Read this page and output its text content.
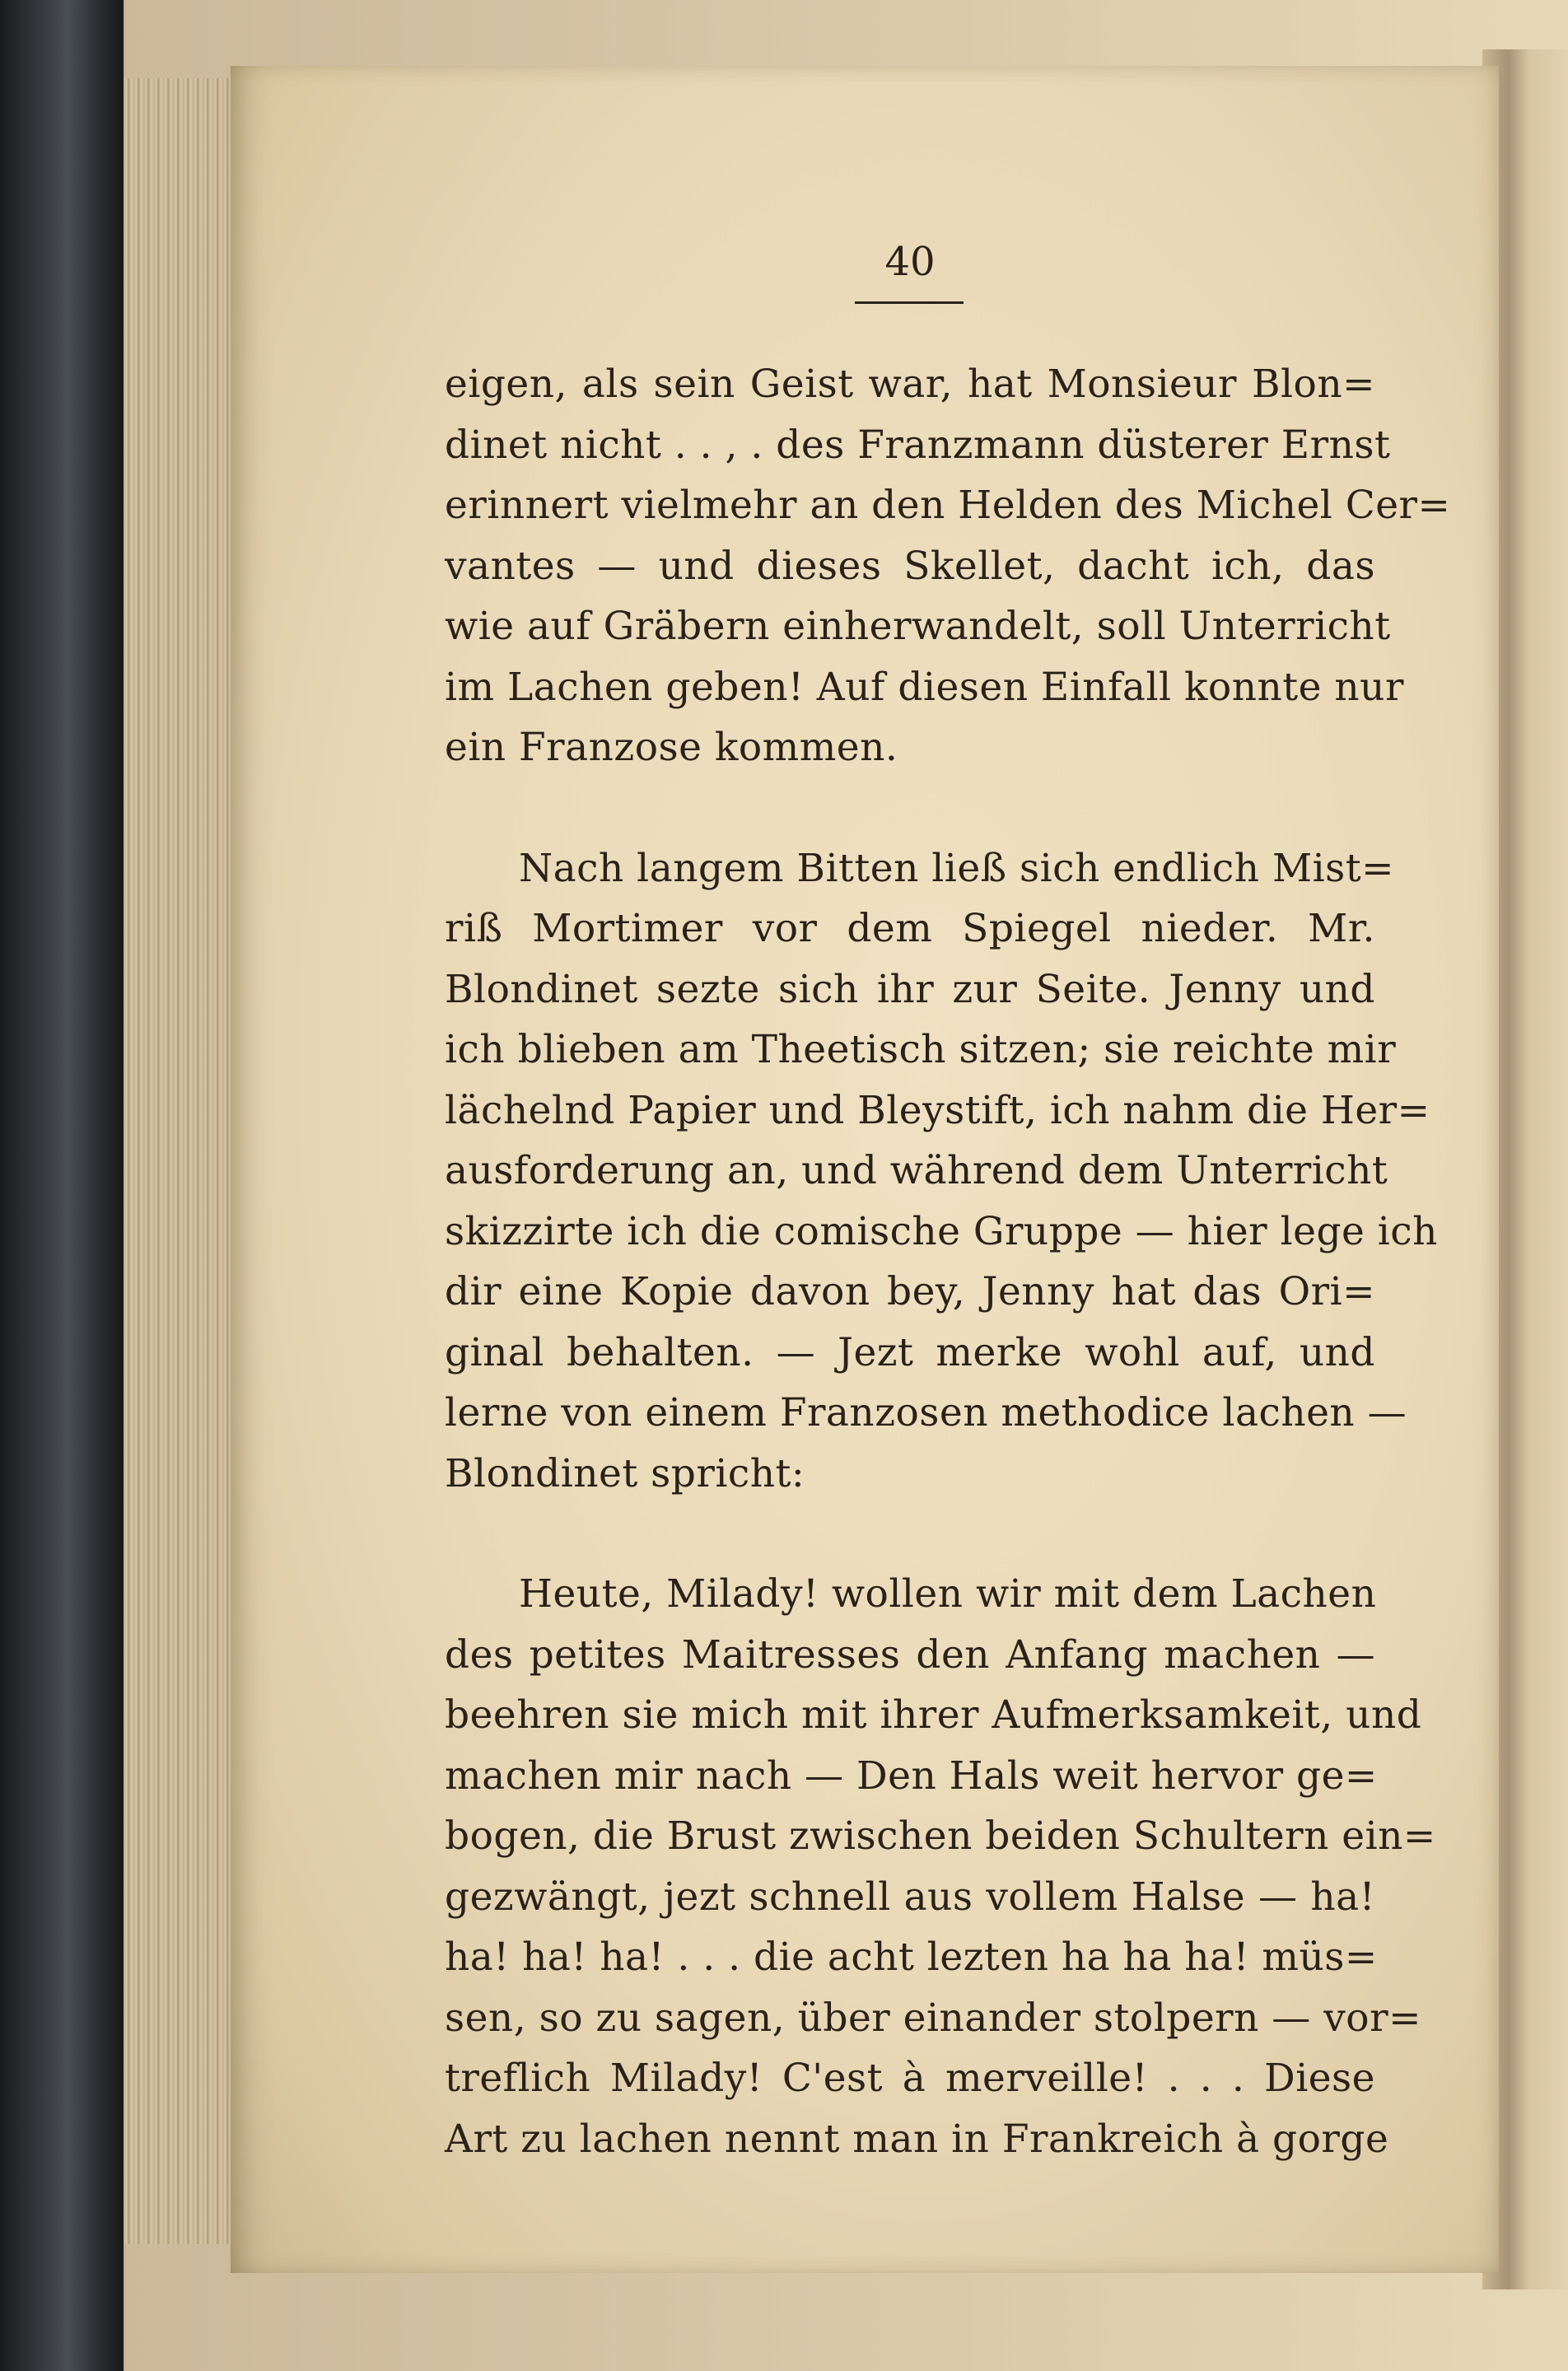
40
eigen, als sein Geist war, hat Monsieur Blon=
dinet nicht . . , . des Franzmann düsterer Ernst
erinnert vielmehr an den Helden des Michel Cer=
vantes — und dieses Skellet, dacht ich, das
wie auf Gräbern einherwandelt, soll Unterricht
im Lachen geben! Auf diesen Einfall konnte nur
ein Franzose kommen.
Nach langem Bitten ließ sich endlich Mist=
riß Mortimer vor dem Spiegel nieder. Mr.
Blondinet sezte sich ihr zur Seite. Jenny und
ich blieben am Theetisch sitzen; sie reichte mir
lächelnd Papier und Bleystift, ich nahm die Her=
ausforderung an, und während dem Unterricht
skizzirte ich die comische Gruppe — hier lege ich
dir eine Kopie davon bey, Jenny hat das Ori=
ginal behalten. — Jezt merke wohl auf, und
lerne von einem Franzosen methodice lachen —
Blondinet spricht:
Heute, Milady! wollen wir mit dem Lachen
des petites Maitresses den Anfang machen —
beehren sie mich mit ihrer Aufmerksamkeit, und
machen mir nach — Den Hals weit hervor ge=
bogen, die Brust zwischen beiden Schultern ein=
gezwängt, jezt schnell aus vollem Halse — ha!
ha! ha! ha! . . . die acht lezten ha ha ha! müs=
sen, so zu sagen, über einander stolpern — vor=
treflich Milady! C'est à merveille! . . . Diese
Art zu lachen nennt man in Frankreich à gorge
